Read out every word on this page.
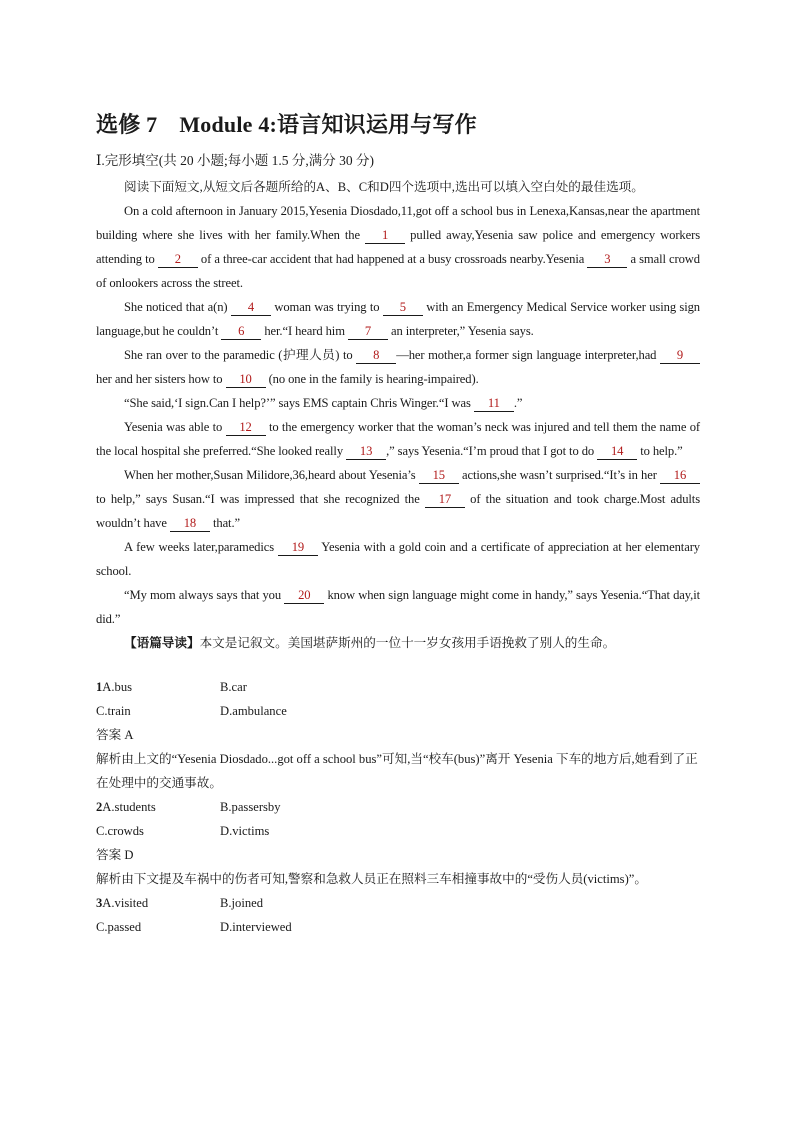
选修 7 Module 4:语言知识运用与写作
Ⅰ.完形填空(共 20 小题;每小题 1.5 分,满分 30 分)

阅读下面短文,从短文后各题所给的A、B、C和D四个选项中,选出可以填入空白处的最佳选项。

On a cold afternoon in January 2015,Yesenia Diosdado,11,got off a school bus in Lenexa,Kansas,near the apartment building where she lives with her family.When the 1 pulled away,Yesenia saw police and emergency workers attending to 2 of a three-car accident that had happened at a busy crossroads nearby.Yesenia 3 a small crowd of onlookers across the street.

She noticed that a(n) 4 woman was trying to 5 with an Emergency Medical Service worker using sign language,but he couldn’t 6 her.“I heard him 7 an interpreter,” Yesenia says.

She ran over to the paramedic (护理人员) to 8 —her mother,a former sign language interpreter,had 9 her and her sisters how to 10 (no one in the family is hearing-impaired).

“She said,‘I sign.Can I help?’” says EMS captain Chris Winger.“I was 11 .”

Yesenia was able to 12 to the emergency worker that the woman’s neck was injured and tell them the name of the local hospital she preferred.“She looked really 13 ,” says Yesenia.“I’m proud that I got to do 14 to help.”

When her mother,Susan Milidore,36,heard about Yesenia’s 15 actions,she wasn’t surprised.“It’s in her 16 to help,” says Susan.“I was impressed that she recognized the 17 of the situation and took charge.Most adults wouldn’t have 18 that.”

A few weeks later,paramedics 19 Yesenia with a gold coin and a certificate of appreciation at her elementary school.

“My mom always says that you 20 know when sign language might come in handy,” says Yesenia.“That day,it did.”

【语篇导读】本文是记叙文。美国堪萨斯州的一位十一岁女孩用手语挽救了别人的生命。

1A.bus	B.car
C.train	D.ambulance

答案 A

解析由上文的“Yesenia Diosdado...got off a school bus”可知,当“校车(bus)”离开 Yesenia 下车的地方后,她看到了正在处理中的交通事故。

2A.students	B.passersby
C.crowds	D.victims

答案 D

解析由下文提及车祸中的伤者可知,警察和急救人员正在照料三车相撞事故中的“受伤人员(victims)”。

3A.visited	B.joined
C.passed	D.interviewed
